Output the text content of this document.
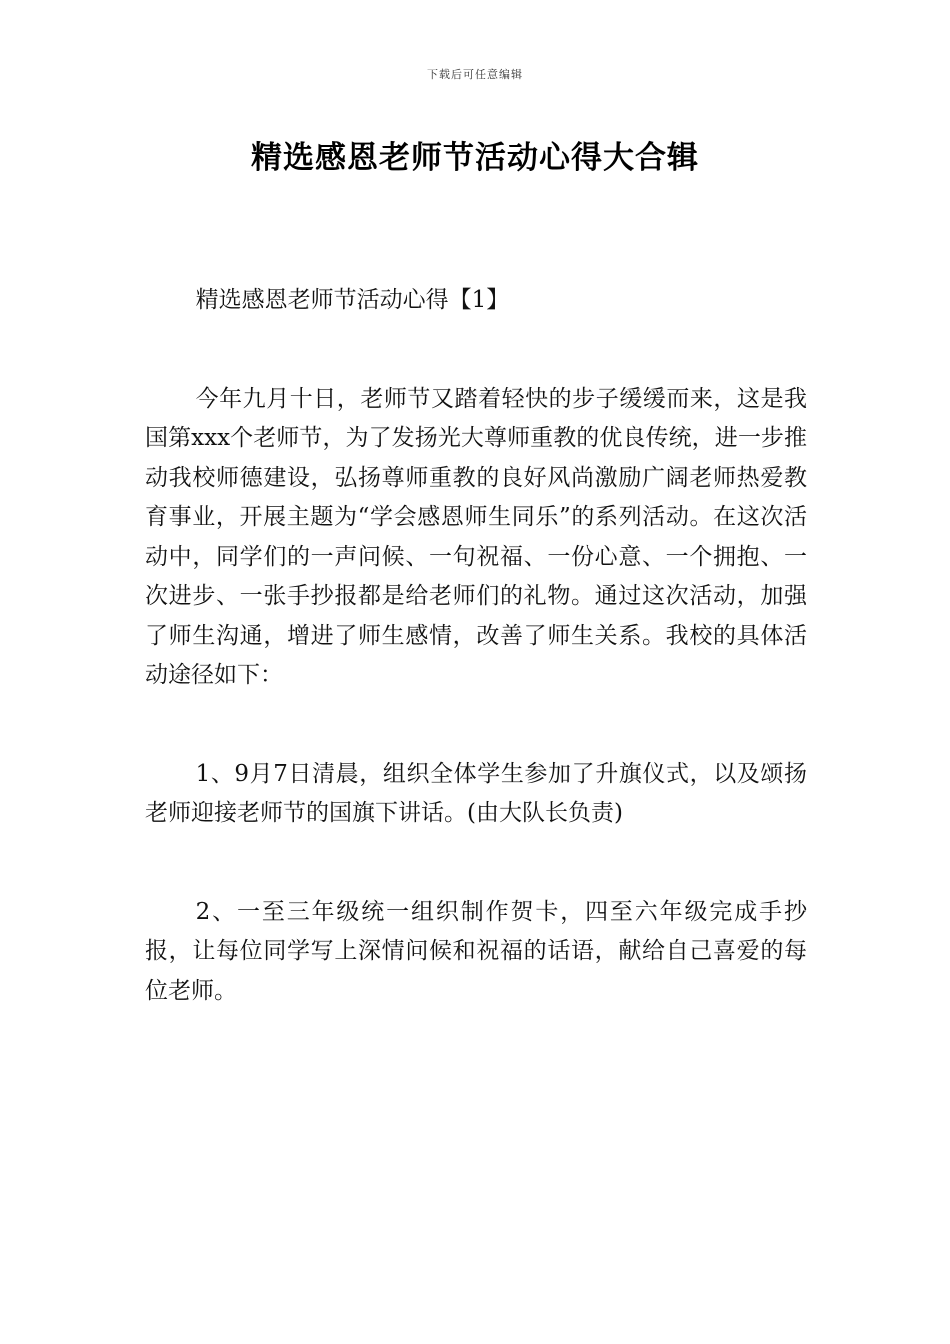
下载后可任意编辑
精选感恩老师节活动心得大合辑

精选感恩老师节活动心得【1】

今年九月十日，老师节又踏着轻快的步子缓缓而来，这是我国第xxx个老师节，为了发扬光大尊师重教的优良传统，进一步推动我校师德建设，弘扬尊师重教的良好风尚激励广阔老师热爱教育事业，开展主题为“学会感恩师生同乐”的系列活动。在这次活动中，同学们的一声问候、一句祝福、一份心意、一个拥抱、一次进步、一张手抄报都是给老师们的礼物。通过这次活动，加强了师生沟通，增进了师生感情，改善了师生关系。我校的具体活动途径如下：

1、9月7日清晨，组织全体学生参加了升旗仪式，以及颂扬老师迎接老师节的国旗下讲话。(由大队长负责)

2、一至三年级统一组织制作贺卡，四至六年级完成手抄报，让每位同学写上深情问候和祝福的话语，献给自己喜爱的每位老师。
